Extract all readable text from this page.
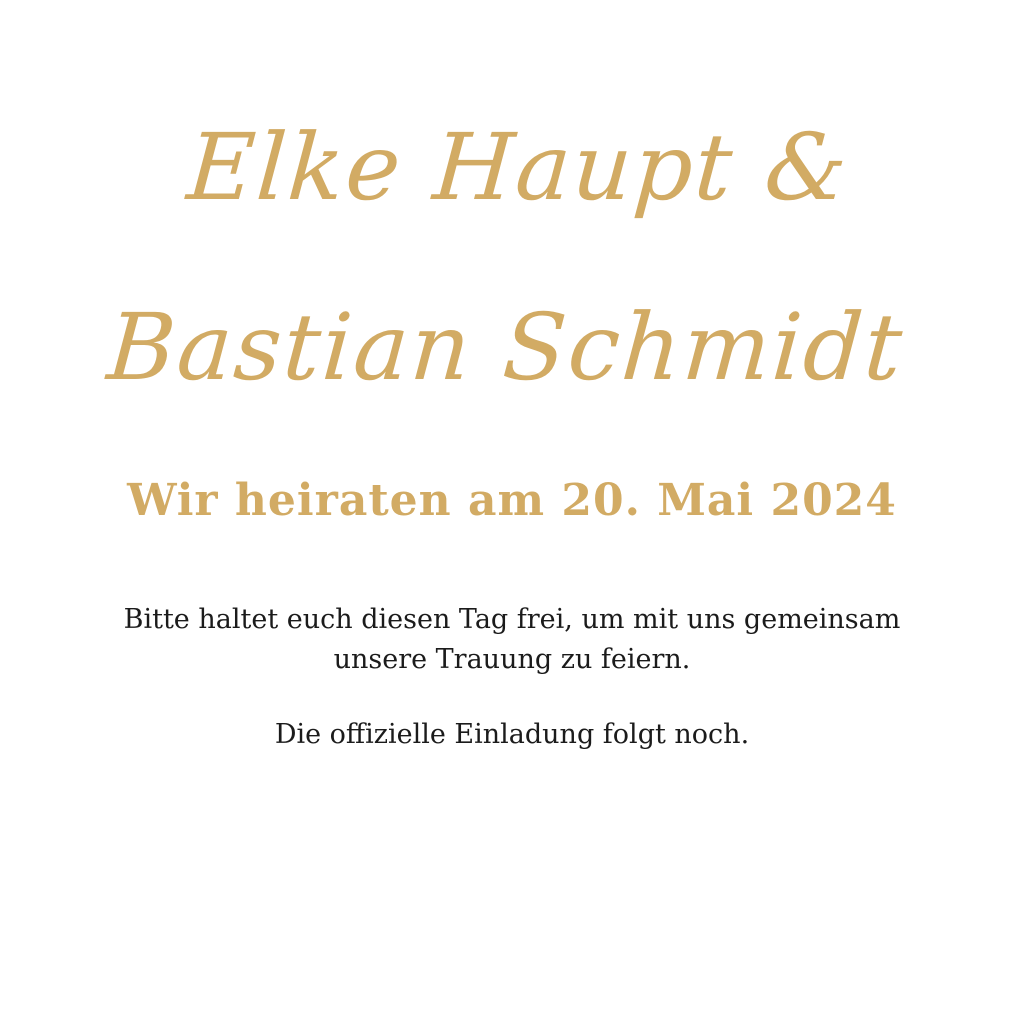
Elke Haupt &
Bastian Schmidt
Wir heiraten am 20. Mai 2024

Bitte haltet euch diesen Tag frei, um mit uns gemeinsam

unsere Trauung zu feiern.

Die offizielle Einladung folgt noch.
